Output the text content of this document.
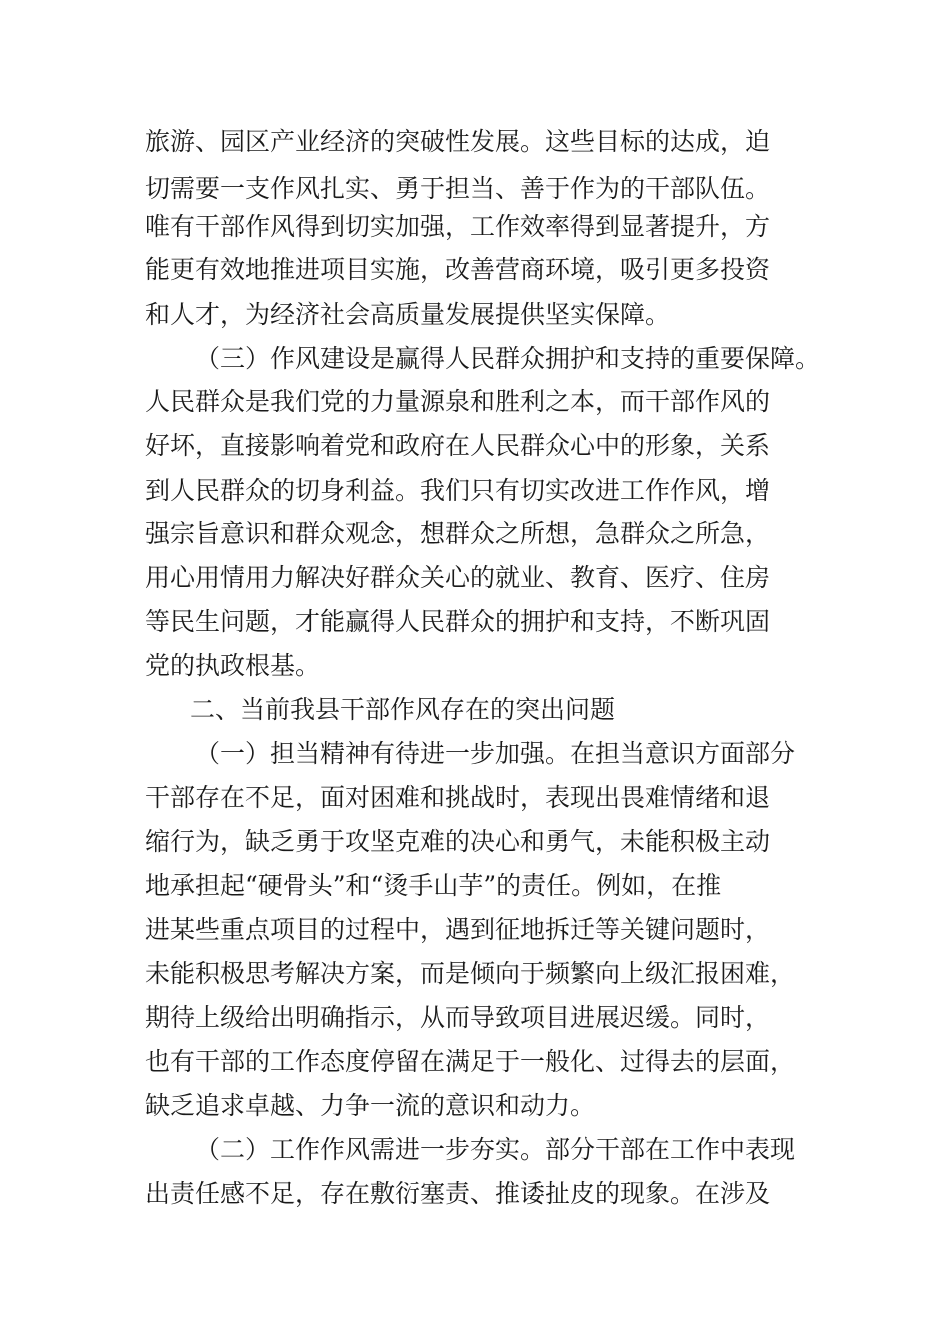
旅游、园区产业经济的突破性发展。这些目标的达成，迫
切需要一支作风扎实、勇于担当、善于作为的干部队伍。
唯有干部作风得到切实加强，工作效率得到显著提升，方
能更有效地推进项目实施，改善营商环境，吸引更多投资
和人才，为经济社会高质量发展提供坚实保障。
（三）作风建设是赢得人民群众拥护和支持的重要保障。
人民群众是我们党的力量源泉和胜利之本，而干部作风的
好坏，直接影响着党和政府在人民群众心中的形象，关系
到人民群众的切身利益。我们只有切实改进工作作风，增
强宗旨意识和群众观念，想群众之所想，急群众之所急，
用心用情用力解决好群众关心的就业、教育、医疗、住房
等民生问题，才能赢得人民群众的拥护和支持，不断巩固
党的执政根基。
二、当前我县干部作风存在的突出问题
（一）担当精神有待进一步加强。在担当意识方面部分
干部存在不足，面对困难和挑战时，表现出畏难情绪和退
缩行为，缺乏勇于攻坚克难的决心和勇气，未能积极主动
地承担起“硬骨头”和“烫手山芋”的责任。例如，在推
进某些重点项目的过程中，遇到征地拆迁等关键问题时，
未能积极思考解决方案，而是倾向于频繁向上级汇报困难，
期待上级给出明确指示，从而导致项目进展迟缓。同时，
也有干部的工作态度停留在满足于一般化、过得去的层面，
缺乏追求卓越、力争一流的意识和动力。
（二）工作作风需进一步夯实。部分干部在工作中表现
出责任感不足，存在敷衍塞责、推诿扯皮的现象。在涉及
